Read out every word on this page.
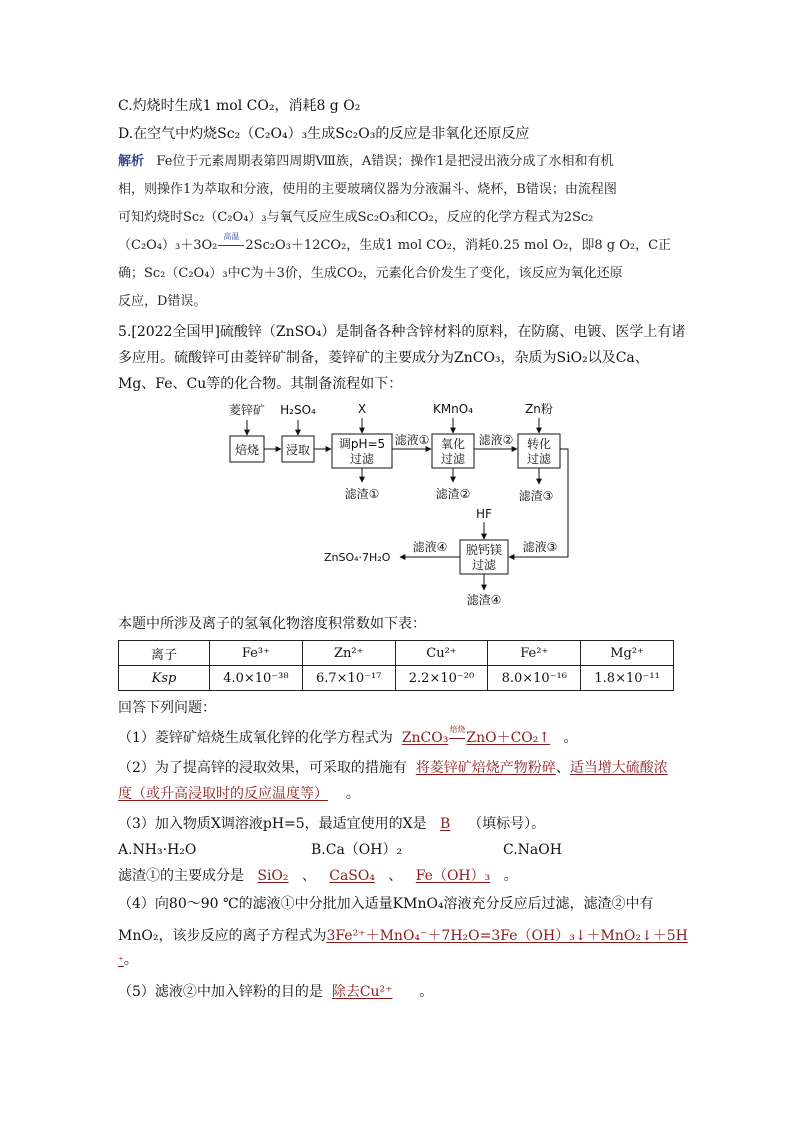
C.灼烧时生成1 mol CO₂，消耗8 g O₂
D.在空气中灼烧Sc₂（C₂O₄）₃生成Sc₂O₃的反应是非氧化还原反应
解析 Fe位于元素周期表第四周期Ⅷ族，A错误；操作1是把浸出液分成了水相和有机
相，则操作1为萃取和分液，使用的主要玻璃仪器为分液漏斗、烧杯，B错误；由流程图
可知灼烧时Sc₂（C₂O₄）₃与氧气反应生成Sc₂O₃和CO₂，反应的化学方程式为2Sc₂
（C₂O₄）₃＋3O₂
高温
2Sc₂O₃＋12CO₂，生成1 mol CO₂，消耗0.25 mol O₂，即8 g O₂，C正
确；Sc₂（C₂O₄）₃中C为＋3价，生成CO₂，元素化合价发生了变化，该反应为氧化还原
反应，D错误。
5.[2022全国甲]硫酸锌（ZnSO₄）是制备各种含锌材料的原料，在防腐、电镀、医学上有诸
多应用。硫酸锌可由菱锌矿制备，菱锌矿的主要成分为ZnCO₃，杂质为SiO₂以及Ca、
Mg、Fe、Cu等的化合物。其制备流程如下：
菱锌矿
焙烧
H₂SO₄
浸取
X
调pH=5
过滤
滤渣①
滤液①
KMnO₄
氧化
过滤
滤渣②
滤液②
Zn粉
转化
过滤
滤渣③
滤液③
HF
脱钙镁
过滤
滤渣④
滤液④
ZnSO₄·7H₂O
本题中所涉及离子的氢氧化物溶度积常数如下表：
离子	Fe³⁺	Zn²⁺	Cu²⁺	Fe²⁺	Mg²⁺
Ksp	4.0×10⁻³⁸	6.7×10⁻¹⁷	2.2×10⁻²⁰	8.0×10⁻¹⁶	1.8×10⁻¹¹
回答下列问题：
（1）菱锌矿焙烧生成氧化锌的化学方程式为 ZnCO₃
焙烧
ZnO＋CO₂↑ 。
（2）为了提高锌的浸取效果，可采取的措施有 将菱锌矿焙烧产物粉碎、适当增大硫酸浓
度（或升高浸取时的反应温度等） 。
（3）加入物质X调溶液pH=5，最适宜使用的X是 B （填标号）。
A.NH₃·H₂O	B.Ca（OH）₂	C.NaOH
滤渣①的主要成分是 SiO₂ 、 CaSO₄ 、 Fe（OH）₃ 。
（4）向80～90 ℃的滤液①中分批加入适量KMnO₄溶液充分反应后过滤，滤渣②中有
MnO₂，该步反应的离子方程式为3Fe²⁺＋MnO₄⁻＋7H₂O=3Fe（OH）₃↓＋MnO₂↓＋5H
⁺。
（5）滤液②中加入锌粉的目的是 除去Cu²⁺ 。
